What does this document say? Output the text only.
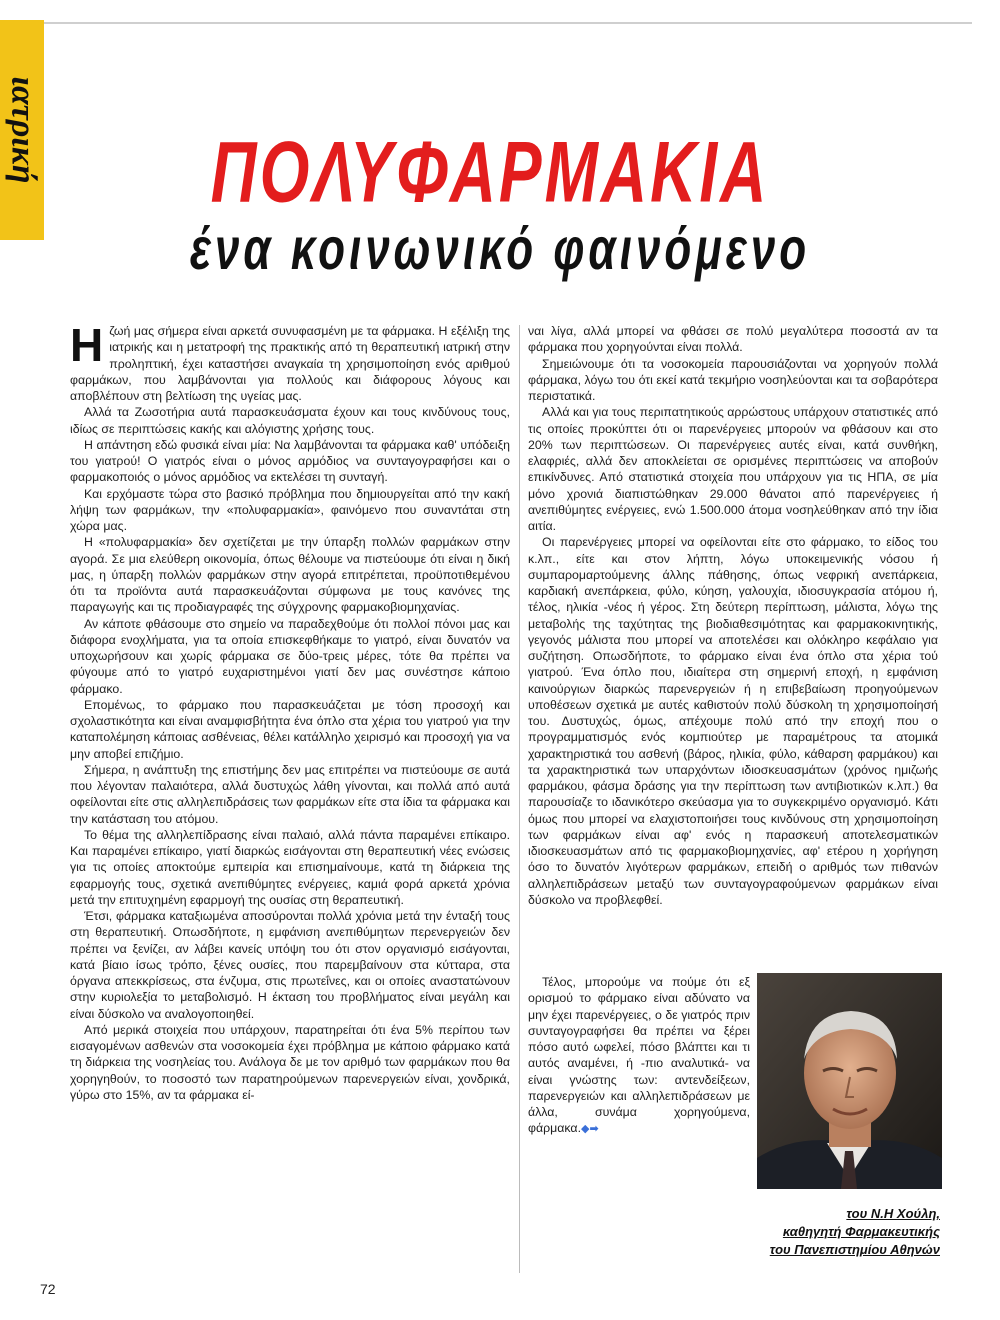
ιατρική	ΠΟΛΥΦΑΡΜΑΚΙΑ
ένα κοινωνικό φαινόμενο

Ηζωή μας σήμερα είναι αρκετά συνυφασμένη με τα φάρμακα. Η εξέλιξη της ιατρικής και η μετατροφή της πρακτικής από τη θεραπευτική ιατρική στην προληπτική, έχει καταστήσει αναγκαία τη χρησιμοποίηση ενός αριθμού φαρμάκων, που λαμβάνονται για πολλούς και διάφορους λόγους και αποβλέπουν στη βελτίωση της υγείας μας.

Αλλά τα Ζωσοτήρια αυτά παρασκευάσματα έχουν και τους κινδύνους τους, ιδίως σε περιπτώσεις κακής και αλόγιστης χρήσης τους.

Η απάντηση εδώ φυσικά είναι μία: Να λαμβάνονται τα φάρμακα καθ' υπόδειξη του γιατρού! Ο γιατρός είναι ο μόνος αρμόδιος να συνταγογραφήσει και ο φαρμακοποιός ο μόνος αρμόδιος να εκτελέσει τη συνταγή.

Και ερχόμαστε τώρα στο βασικό πρόβλημα που δημιουργείται από την κακή λήψη των φαρμάκων, την «πολυφαρμακία», φαινόμενο που συναντάται στη χώρα μας.

Η «πολυφαρμακία» δεν σχετίζεται με την ύπαρξη πολλών φαρμάκων στην αγορά. Σε μια ελεύθερη οικονομία, όπως θέλουμε να πιστεύουμε ότι είναι η δική μας, η ύπαρξη πολλών φαρμάκων στην αγορά επιτρέπεται, προϋποτιθεμένου ότι τα προϊόντα αυτά παρασκευάζονται σύμφωνα με τους κανόνες της παραγωγής και τις προδιαγραφές της σύγχρονης φαρμακοβιομηχανίας.

Αν κάποτε φθάσουμε στο σημείο να παραδεχθούμε ότι πολλοί πόνοι μας και διάφορα ενοχλήματα, για τα οποία επισκεφθήκαμε το γιατρό, είναι δυνατόν να υποχωρήσουν και χωρίς φάρμακα σε δύο-τρεις μέρες, τότε θα πρέπει να φύγουμε από το γιατρό ευχαριστημένοι γιατί δεν μας συνέστησε κάποιο φάρμακο.

Επομένως, το φάρμακο που παρασκευάζεται με τόση προσοχή και σχολαστικότητα και είναι αναμφισβήτητα ένα όπλο στα χέρια του γιατρού για την καταπολέμηση κάποιας ασθένειας, θέλει κατάλληλο χειρισμό και προσοχή για να μην αποβεί επιζήμιο.

Σήμερα, η ανάπτυξη της επιστήμης δεν μας επιτρέπει να πιστεύουμε σε αυτά που λέγονταν παλαιότερα, αλλά δυστυχώς λάθη γίνονται, και πολλά από αυτά οφείλονται είτε στις αλληλεπιδράσεις των φαρμάκων είτε στα ίδια τα φάρμακα και την κατάσταση του ατόμου.

Το θέμα της αλληλεπίδρασης είναι παλαιό, αλλά πάντα παραμένει επίκαιρο. Και παραμένει επίκαιρο, γιατί διαρκώς εισάγονται στη θεραπευτική νέες ενώσεις για τις οποίες αποκτούμε εμπειρία και επισημαίνουμε, κατά τη διάρκεια της εφαρμογής τους, σχετικά ανεπιθύμητες ενέργειες, καμιά φορά αρκετά χρόνια μετά την επιτυχημένη εφαρμογή της ουσίας στη θεραπευτική.

Έτσι, φάρμακα καταξιωμένα αποσύρονται πολλά χρόνια μετά την ένταξή τους στη θεραπευτική. Οπωσδήποτε, η εμφάνιση ανεπιθύμητων περενεργειών δεν πρέπει να ξενίζει, αν λάβει κανείς υπόψη του ότι στον οργανισμό εισάγονται, κατά βίαιο ίσως τρόπο, ξένες ουσίες, που παρεμβαίνουν στα κύτταρα, στα όργανα απεκκρίσεως, στα ένζυμα, στις πρωτεΐνες, και οι οποίες αναστατώνουν στην κυριολεξία το μεταβολισμό. Η έκταση του προβλήματος είναι μεγάλη και είναι δύσκολο να αναλογοποιηθεί.

Από μερικά στοιχεία που υπάρχουν, παρατηρείται ότι ένα 5% περίπου των εισαγομένων ασθενών στα νοσοκομεία έχει πρόβλημα με κάποιο φάρμακο κατά τη διάρκεια της νοσηλείας του. Ανάλογα δε με τον αριθμό των φαρμάκων που θα χορηγηθούν, το ποσοστό των παρατηρούμενων παρενεργειών είναι, χονδρικά, γύρω στο 15%, αν τα φάρμακα εί-

ναι λίγα, αλλά μπορεί να φθάσει σε πολύ μεγαλύτερα ποσοστά αν τα φάρμακα που χορηγούνται είναι πολλά.

Σημειώνουμε ότι τα νοσοκομεία παρουσιάζονται να χορηγούν πολλά φάρμακα, λόγω του ότι εκεί κατά τεκμήριο νοσηλεύονται και τα σοβαρότερα περιστατικά.

Αλλά και για τους περιπατητικούς αρρώστους υπάρχουν στατιστικές από τις οποίες προκύπτει ότι οι παρενέργειες μπορούν να φθάσουν και στο 20% των περιπτώσεων. Οι παρενέργειες αυτές είναι, κατά συνθήκη, ελαφριές, αλλά δεν αποκλείεται σε ορισμένες περιπτώσεις να αποβούν επικίνδυνες. Από στατιστικά στοιχεία που υπάρχουν για τις ΗΠΑ, σε μία μόνο χρονιά διαπιστώθηκαν 29.000 θάνατοι από παρενέργειες ή ανεπιθύμητες ενέργειες, ενώ 1.500.000 άτομα νοσηλεύθηκαν από την ίδια αιτία.

Οι παρενέργειες μπορεί να οφείλονται είτε στο φάρμακο, το είδος του κ.λπ., είτε και στον λήπτη, λόγω υποκειμενικής νόσου ή συμπαρομαρτούμενης άλλης πάθησης, όπως νεφρική ανεπάρκεια, καρδιακή ανεπάρκεια, φύλο, κύηση, γαλουχία, ιδιοσυγκρασία ατόμου ή, τέλος, ηλικία -νέος ή γέρος. Στη δεύτερη περίπτωση, μάλιστα, λόγω της μεταβολής της ταχύτητας της βιοδιαθεσιμότητας και φαρμακοκινητικής, γεγονός μάλιστα που μπορεί να αποτελέσει και ολόκληρο κεφάλαιο για συζήτηση. Οπωσδήποτε, το φάρμακο είναι ένα όπλο στα χέρια τού γιατρού. Ένα όπλο που, ιδιαίτερα στη σημερινή εποχή, η εμφάνιση καινούργιων διαρκώς παρενεργειών ή η επιβεβαίωση προηγούμενων υποθέσεων σχετικά με αυτές καθιστούν πολύ δύσκολη τη χρησιμοποίησή του. Δυστυχώς, όμως, απέχουμε πολύ από την εποχή που ο προγραμματισμός ενός κομπιούτερ με παραμέτρους τα ατομικά χαρακτηριστικά του ασθενή (βάρος, ηλικία, φύλο, κάθαρση φαρμάκου) και τα χαρακτηριστικά των υπαρχόντων ιδιοσκευασμάτων (χρόνος ημιζωής φαρμάκου, φάσμα δράσης για την περίπτωση των αντιβιοτικών κ.λπ.) θα παρουσίαζε το ιδανικότερο σκεύασμα για το συγκεκριμένο οργανισμό. Κάτι όμως που μπορεί να ελαχιστοποιήσει τους κινδύνους στη χρησιμοποίηση των φαρμάκων είναι αφ' ενός η παρασκευή αποτελεσματικών ιδιοσκευασμάτων από τις φαρμακοβιομηχανίες, αφ' ετέρου η χορήγηση όσο το δυνατόν λιγότερων φαρμάκων, επειδή ο αριθμός των πιθανών αλληλεπιδράσεων μεταξύ των συνταγογραφούμενων φαρμάκων είναι δύσκολο να προβλεφθεί.

Τέλος, μπορούμε να πούμε ότι εξ ορισμού το φάρμακο είναι αδύνατο να μην έχει παρενέργειες, ο δε γιατρός πριν συνταγογραφήσει θα πρέπει να ξέρει πόσο αυτό ωφελεί, πόσο βλάπτει και τι αυτός αναμένει, ή -πιο αναλυτικά- να είναι γνώστης των: αντενδείξεων, παρενεργειών και αλληλεπιδράσεων με άλλα, συνάμα χορηγούμενα, φάρμακα.◆➡

του Ν.Η Χούλη,
καθηγητή Φαρμακευτικής
του Πανεπιστημίου Αθηνών
72
